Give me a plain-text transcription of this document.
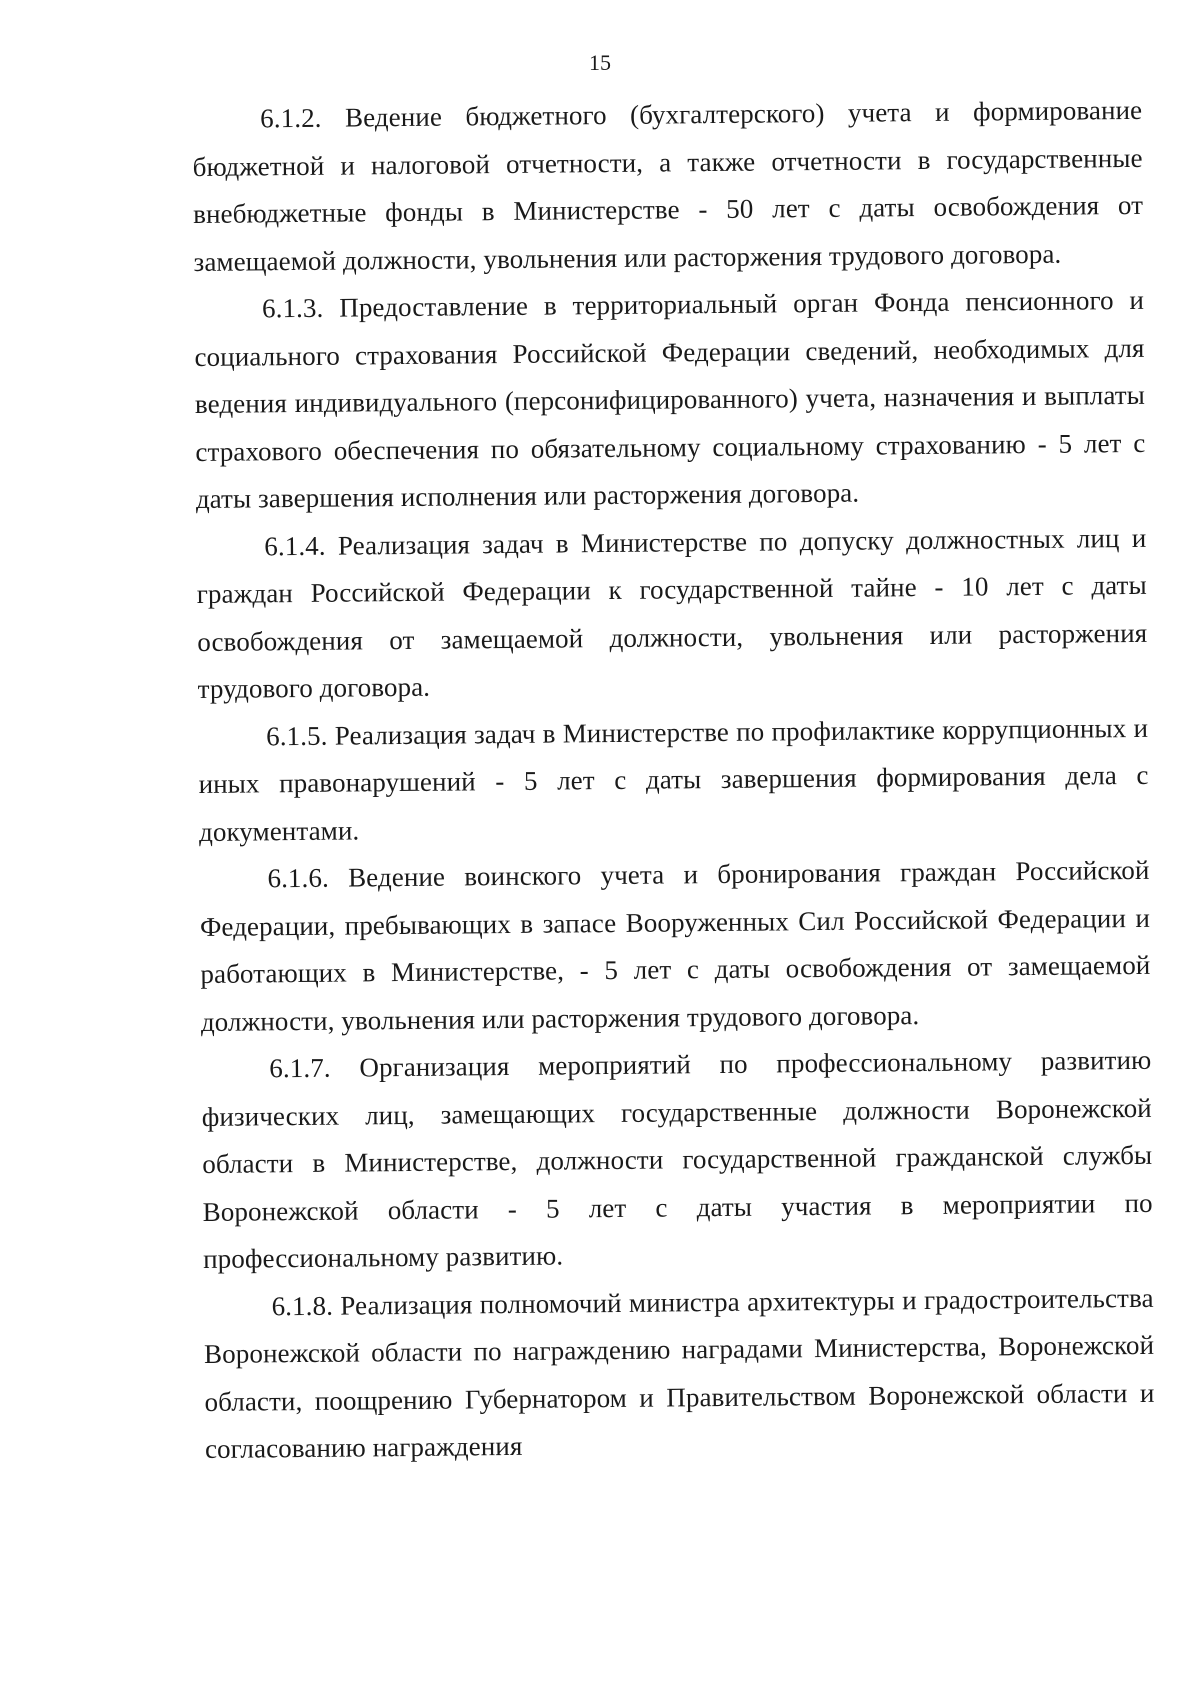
15

6.1.2. Ведение бюджетного (бухгалтерского) учета и формирование бюджетной и налоговой отчетности, а также отчетности в государственные внебюджетные фонды в Министерстве - 50 лет с даты освобождения от замещаемой должности, увольнения или расторжения трудового договора.

6.1.3. Предоставление в территориальный орган Фонда пенсионного и социального страхования Российской Федерации сведений, необходимых для ведения индивидуального (персонифицированного) учета, назначения и выплаты страхового обеспечения по обязательному социальному страхованию - 5 лет с даты завершения исполнения или расторжения договора.

6.1.4. Реализация задач в Министерстве по допуску должностных лиц и граждан Российской Федерации к государственной тайне - 10 лет с даты освобождения от замещаемой должности, увольнения или расторжения трудового договора.

6.1.5. Реализация задач в Министерстве по профилактике коррупционных и иных правонарушений - 5 лет с даты завершения формирования дела с документами.

6.1.6. Ведение воинского учета и бронирования граждан Российской Федерации, пребывающих в запасе Вооруженных Сил Российской Федерации и работающих в Министерстве, - 5 лет с даты освобождения от замещаемой должности, увольнения или расторжения трудового договора.

6.1.7. Организация мероприятий по профессиональному развитию физических лиц, замещающих государственные должности Воронежской области в Министерстве, должности государственной гражданской службы Воронежской области - 5 лет с даты участия в мероприятии по профессиональному развитию.

6.1.8. Реализация полномочий министра архитектуры и градостроительства Воронежской области по награждению наградами Министерства, Воронежской области, поощрению Губернатором и Правительством Воронежской области и согласованию награждения
